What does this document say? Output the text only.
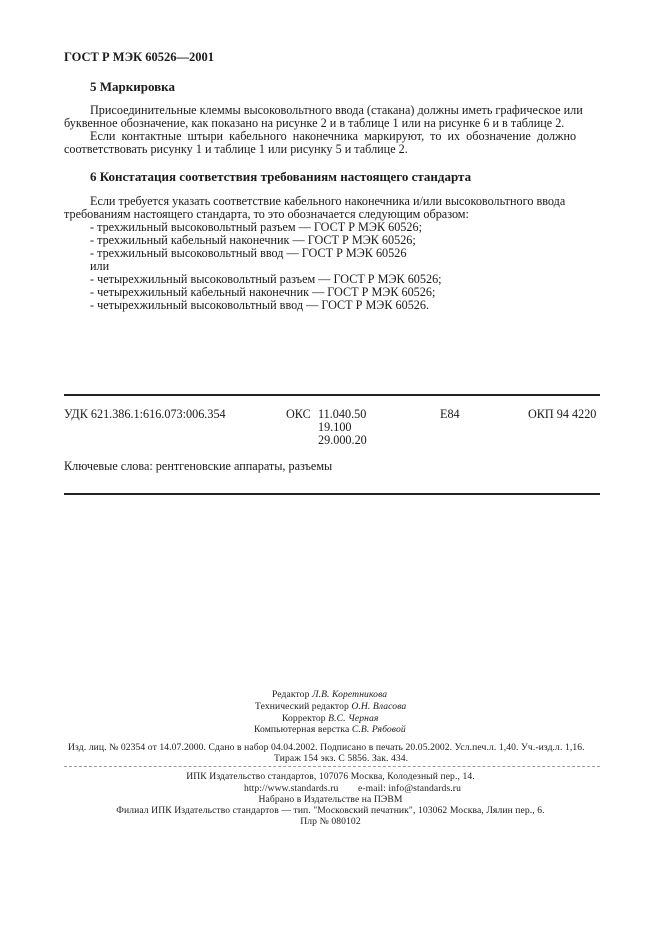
ГОСТ Р МЭК 60526—2001
5 Маркировка
Присоединительные клеммы высоковольтного ввода (стакана) должны иметь графическое или
буквенное обозначение, как показано на рисунке 2 и в таблице 1 или на рисунке 6 и в таблице 2.
Если контактные штыри кабельного наконечника маркируют, то их обозначение должно
соответствовать рисунку 1 и таблице 1 или рисунку 5 и таблице 2.
6 Констатация соответствия требованиям настоящего стандарта
Если требуется указать соответствие кабельного наконечника и/или высоковольтного ввода
требованиям настоящего стандарта, то это обозначается следующим образом:
- трехжильный высоковольтный разъем — ГОСТ Р МЭК 60526;
- трехжильный кабельный наконечник — ГОСТ Р МЭК 60526;
- трехжильный высоковольтный ввод — ГОСТ Р МЭК 60526
или
- четырехжильный высоковольтный разъем — ГОСТ Р МЭК 60526;
- четырехжильный кабельный наконечник — ГОСТ Р МЭК 60526;
- четырехжильный высоковольтный ввод — ГОСТ Р МЭК 60526.
УДК 621.386.1:616.073:006.354	ОКС 11.040.50
19.100
29.000.20
Е84	ОКП 94 4220
Ключевые слова: рентгеновские аппараты, разъемы
Редактор Л.В. Коретникова
Технический редактор О.Н. Власова
Корректор В.С. Черная
Компьютерная верстка С.В. Рябовой
Изд. лиц. № 02354 от 14.07.2000. Сдано в набор 04.04.2002. Подписано в печать 20.05.2002. Усл.печ.л. 1,40. Уч.-изд.л. 1,16.
Тираж 154 экз. С 5856. Зак. 434.
ИПК Издательство стандартов, 107076 Москва, Колодезный пер., 14.
http://www.standards.ru e-mail: info@standards.ru
Набрано в Издательстве на ПЭВМ
Филиал ИПК Издательство стандартов — тип. "Московский печатник", 103062 Москва, Лялин пер., 6.
Плр № 080102
